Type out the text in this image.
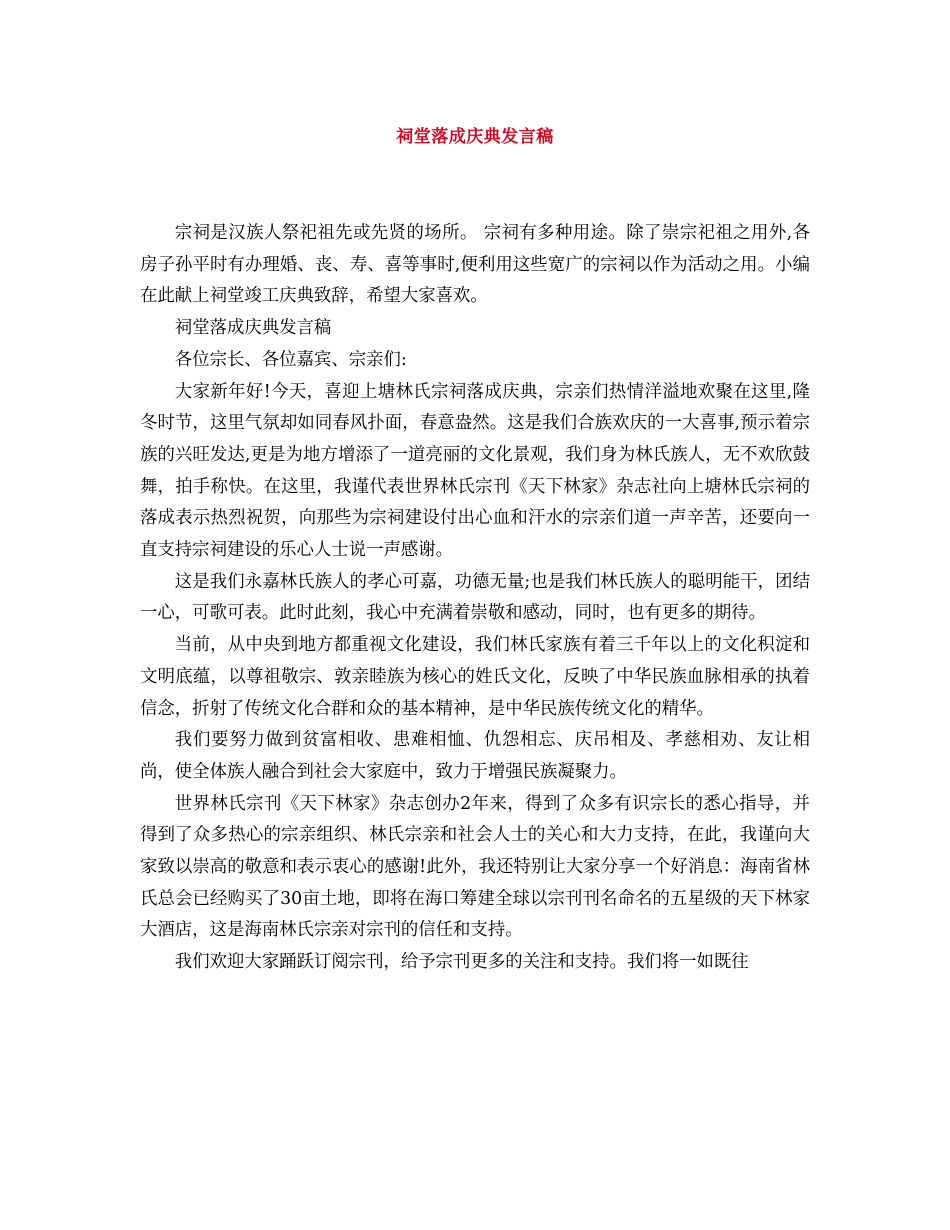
祠堂落成庆典发言稿

宗祠是汉族人祭祀祖先或先贤的场所。 宗祠有多种用途。除了崇宗祀祖之用外,各房子孙平时有办理婚、丧、寿、喜等事时,便利用这些宽广的宗祠以作为活动之用。小编在此献上祠堂竣工庆典致辞，希望大家喜欢。

祠堂落成庆典发言稿

各位宗长、各位嘉宾、宗亲们:

大家新年好!今天，喜迎上塘林氏宗祠落成庆典，宗亲们热情洋溢地欢聚在这里,隆冬时节，这里气氛却如同春风扑面，春意盎然。这是我们合族欢庆的一大喜事,预示着宗族的兴旺发达,更是为地方增添了一道亮丽的文化景观，我们身为林氏族人，无不欢欣鼓舞，拍手称快。在这里，我谨代表世界林氏宗刊《天下林家》杂志社向上塘林氏宗祠的落成表示热烈祝贺，向那些为宗祠建设付出心血和汗水的宗亲们道一声辛苦，还要向一直支持宗祠建设的乐心人士说一声感谢。

这是我们永嘉林氏族人的孝心可嘉，功德无量;也是我们林氏族人的聪明能干，团结一心，可歌可表。此时此刻，我心中充满着崇敬和感动，同时，也有更多的期待。

当前，从中央到地方都重视文化建设，我们林氏家族有着三千年以上的文化积淀和文明底蕴，以尊祖敬宗、敦亲睦族为核心的姓氏文化，反映了中华民族血脉相承的执着信念，折射了传统文化合群和众的基本精神，是中华民族传统文化的精华。

我们要努力做到贫富相收、患难相恤、仇怨相忘、庆吊相及、孝慈相劝、友让相尚，使全体族人融合到社会大家庭中，致力于增强民族凝聚力。

世界林氏宗刊《天下林家》杂志创办2年来，得到了众多有识宗长的悉心指导，并得到了众多热心的宗亲组织、林氏宗亲和社会人士的关心和大力支持，在此，我谨向大家致以崇高的敬意和表示衷心的感谢!此外，我还特别让大家分享一个好消息：海南省林氏总会已经购买了30亩土地，即将在海口筹建全球以宗刊刊名命名的五星级的天下林家大酒店，这是海南林氏宗亲对宗刊的信任和支持。

我们欢迎大家踊跃订阅宗刊，给予宗刊更多的关注和支持。我们将一如既往
